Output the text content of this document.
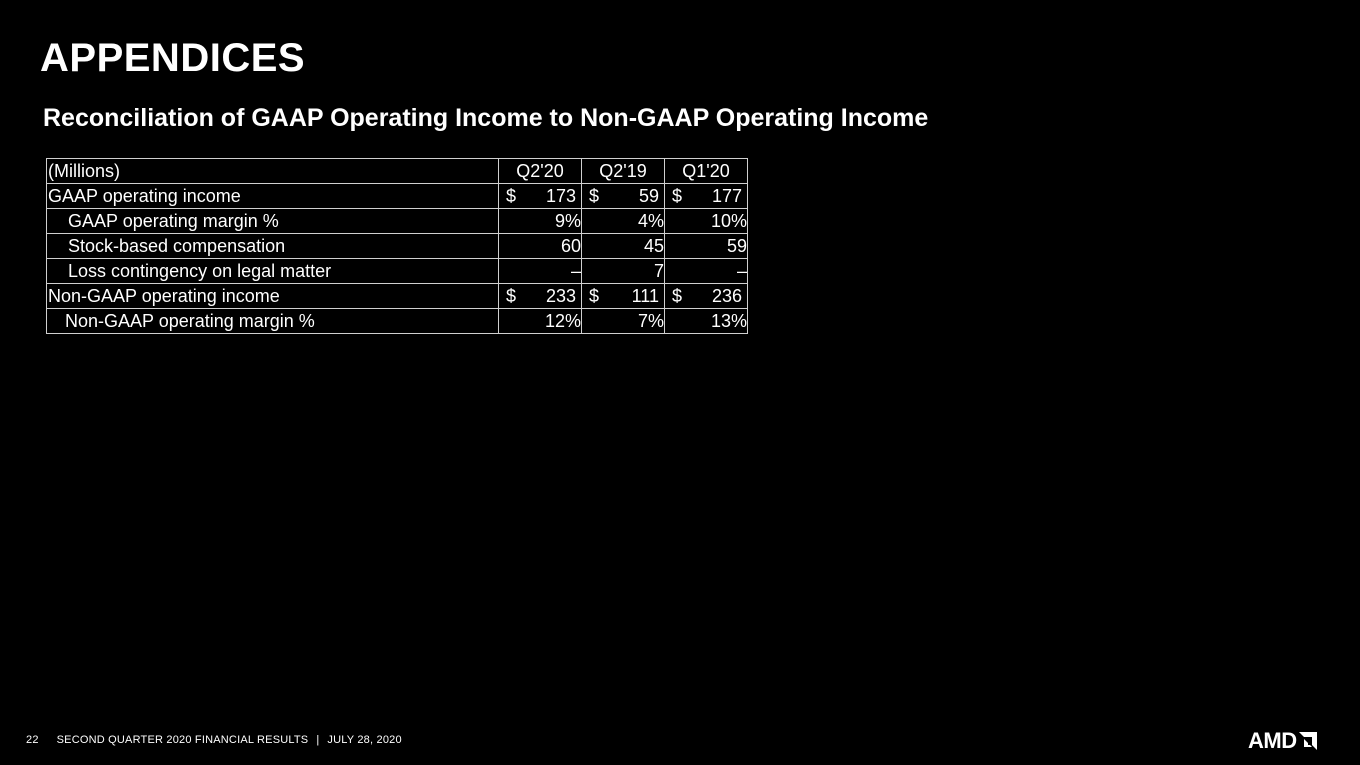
APPENDICES
Reconciliation of GAAP Operating Income to Non-GAAP Operating Income
(Millions)	Q2'20	Q2'19	Q1'20
GAAP operating income	$ 173	$ 59	$ 177

GAAP operating margin %	9%	4%	10%
Stock-based compensation	60	45	59
Loss contingency on legal matter	–	7	–
Non-GAAP operating income	$ 233	$ 111	$ 236

Non-GAAP operating margin %	12%	7%	13%
22 SECOND QUARTER 2020 FINANCIAL RESULTS | JULY 28, 2020	AMD
